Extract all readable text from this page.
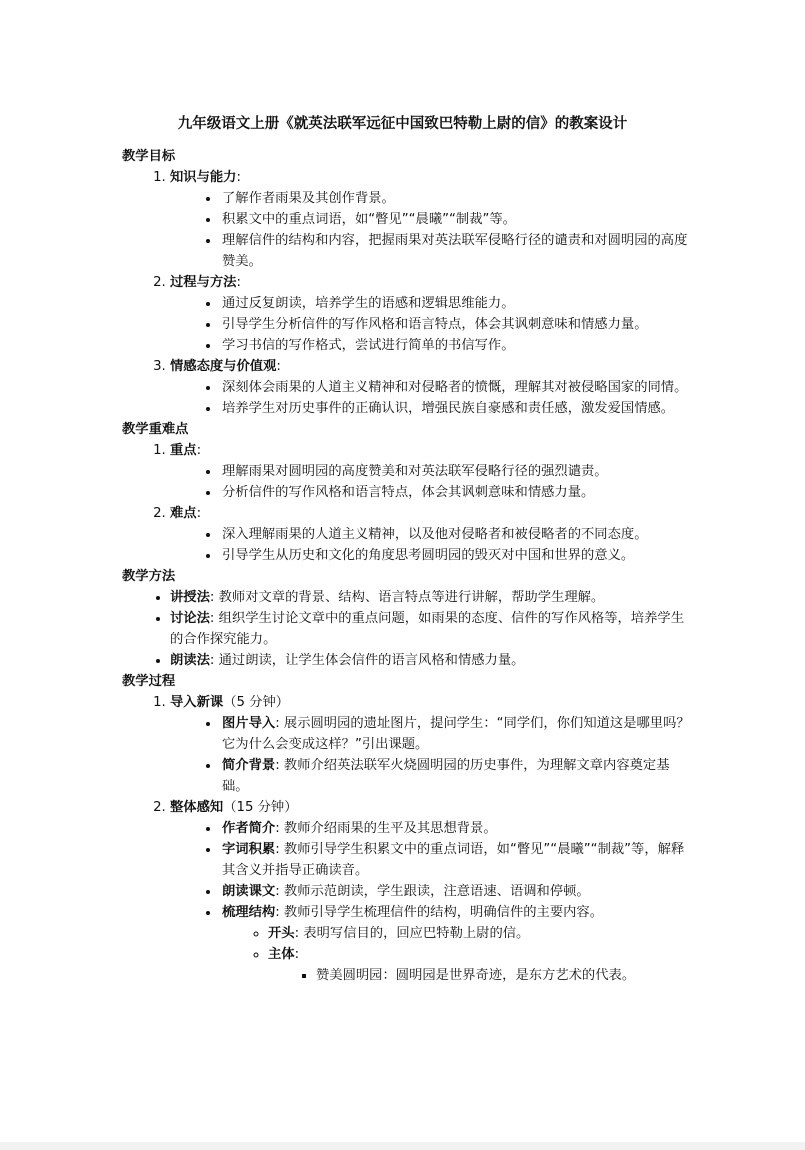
九年级语文上册《就英法联军远征中国致巴特勒上尉的信》的教案设计
教学目标
1. 知识与能力:
• 了解作者雨果及其创作背景。
• 积累文中的重点词语，如“瞥见”“晨曦”“制裁”等。
• 理解信件的结构和内容，把握雨果对英法联军侵略行径的谴责和对圆明园的高度赞美。
2. 过程与方法:
• 通过反复朗读，培养学生的语感和逻辑思维能力。
• 引导学生分析信件的写作风格和语言特点，体会其讽刺意味和情感力量。
• 学习书信的写作格式，尝试进行简单的书信写作。
3. 情感态度与价值观:
• 深刻体会雨果的人道主义精神和对侵略者的愤慨，理解其对被侵略国家的同情。
• 培养学生对历史事件的正确认识，增强民族自豪感和责任感，激发爱国情感。
教学重难点
1. 重点:
• 理解雨果对圆明园的高度赞美和对英法联军侵略行径的强烈谴责。
• 分析信件的写作风格和语言特点，体会其讽刺意味和情感力量。
2. 难点:
• 深入理解雨果的人道主义精神，以及他对侵略者和被侵略者的不同态度。
• 引导学生从历史和文化的角度思考圆明园的毁灭对中国和世界的意义。
教学方法
• 讲授法: 教师对文章的背景、结构、语言特点等进行讲解，帮助学生理解。
• 讨论法: 组织学生讨论文章中的重点问题，如雨果的态度、信件的写作风格等，培养学生的合作探究能力。
• 朗读法: 通过朗读，让学生体会信件的语言风格和情感力量。
教学过程
1. 导入新课（5 分钟）
• 图片导入: 展示圆明园的遗址图片，提问学生：“同学们，你们知道这是哪里吗？它为什么会变成这样？”引出课题。
• 简介背景: 教师介绍英法联军火烧圆明园的历史事件，为理解文章内容奠定基础。
2. 整体感知（15 分钟）
• 作者简介: 教师介绍雨果的生平及其思想背景。
• 字词积累: 教师引导学生积累文中的重点词语，如“瞥见”“晨曦”“制裁”等，解释其含义并指导正确读音。
• 朗读课文: 教师示范朗读，学生跟读，注意语速、语调和停顿。
• 梳理结构: 教师引导学生梳理信件的结构，明确信件的主要内容。
◦ 开头: 表明写信目的，回应巴特勒上尉的信。
◦ 主体:
▪ 赞美圆明园：圆明园是世界奇迹，是东方艺术的代表。
